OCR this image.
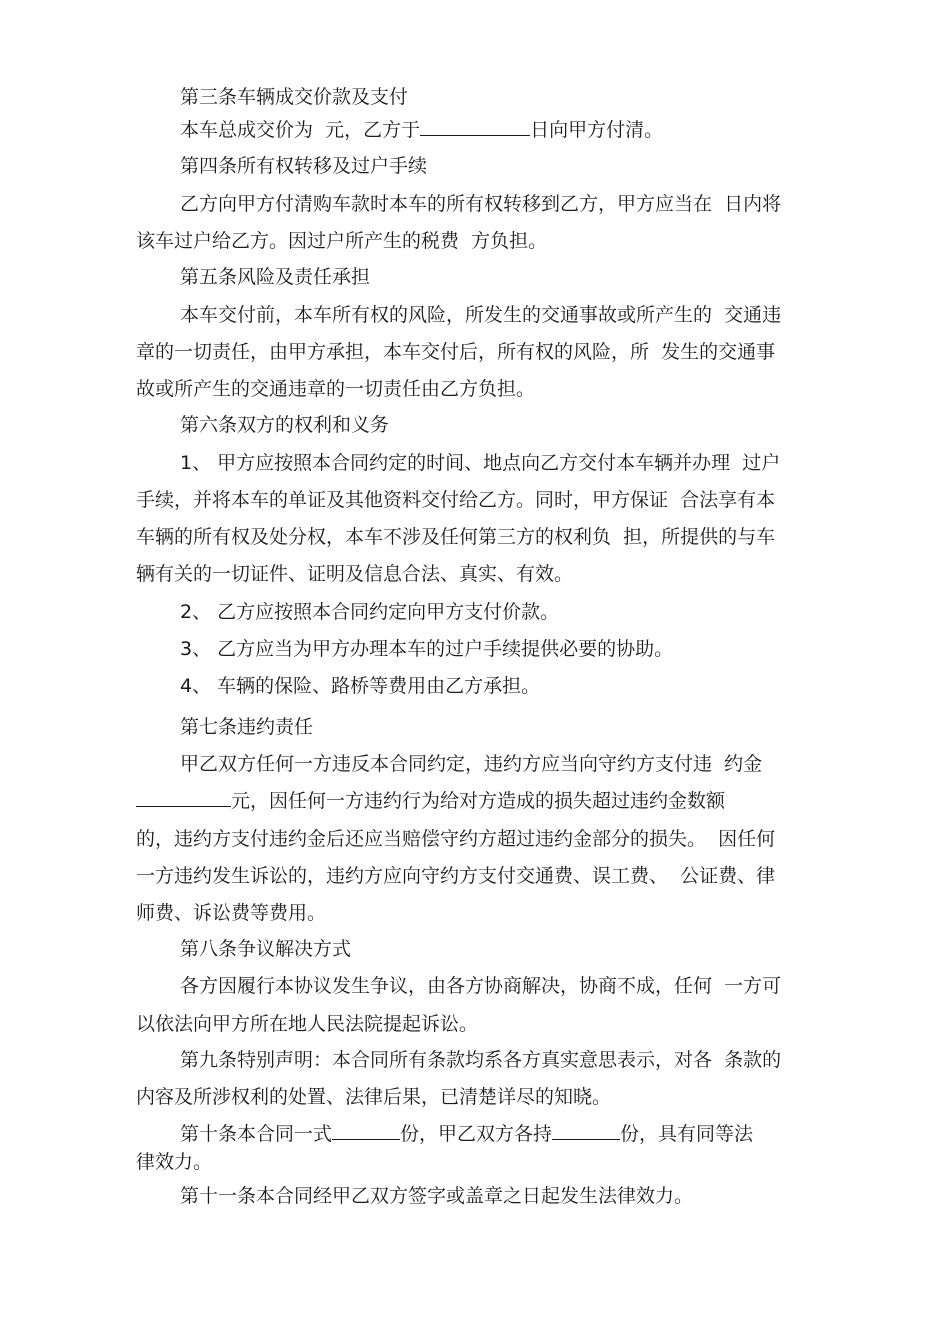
第三条车辆成交价款及支付
本车总成交价为  元，乙方于	日向甲方付清。
第四条所有权转移及过户手续
乙方向甲方付清购车款时本车的所有权转移到乙方，甲方应当在  日内将
该车过户给乙方。因过户所产生的税费  方负担。
第五条风险及责任承担
本车交付前，本车所有权的风险，所发生的交通事故或所产生的  交通违
章的一切责任，由甲方承担，本车交付后，所有权的风险，所  发生的交通事
故或所产生的交通违章的一切责任由乙方负担。
第六条双方的权利和义务
1、 甲方应按照本合同约定的时间、地点向乙方交付本车辆并办理  过户
手续，并将本车的单证及其他资料交付给乙方。同时，甲方保证  合法享有本
车辆的所有权及处分权，本车不涉及任何第三方的权利负  担，所提供的与车
辆有关的一切证件、证明及信息合法、真实、有效。
2、 乙方应按照本合同约定向甲方支付价款。
3、 乙方应当为甲方办理本车的过户手续提供必要的协助。
4、 车辆的保险、路桥等费用由乙方承担。
第七条违约责任
甲乙双方任何一方违反本合同约定，违约方应当向守约方支付违  约金
元，因任何一方违约行为给对方造成的损失超过违约金数额
的，违约方支付违约金后还应当赔偿守约方超过违约金部分的损失。  因任何
一方违约发生诉讼的，违约方应向守约方支付交通费、误工费、  公证费、律
师费、诉讼费等费用。
第八条争议解决方式
各方因履行本协议发生争议，由各方协商解决，协商不成，任何  一方可
以依法向甲方所在地人民法院提起诉讼。
第九条特别声明：本合同所有条款均系各方真实意思表示，对各  条款的
内容及所涉权利的处置、法律后果，已清楚详尽的知晓。
第十条本合同一式	份，甲乙双方各持	份，具有同等法
律效力。
第十一条本合同经甲乙双方签字或盖章之日起发生法律效力。
